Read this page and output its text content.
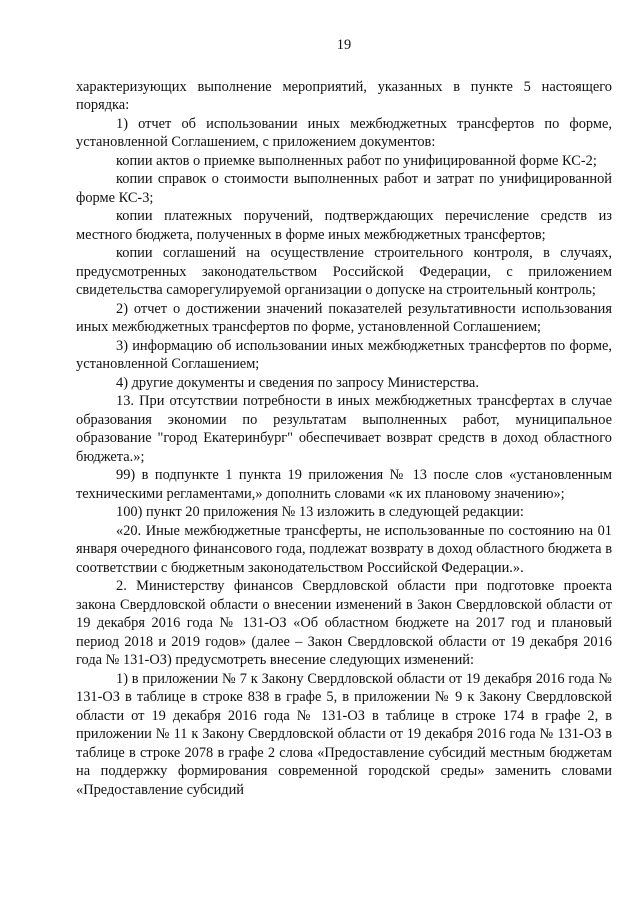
19

характеризующих выполнение мероприятий, указанных в пункте 5 настоящего порядка:

1) отчет об использовании иных межбюджетных трансфертов по форме, установленной Соглашением, с приложением документов:

копии актов о приемке выполненных работ по унифицированной форме КС-2;

копии справок о стоимости выполненных работ и затрат по унифицированной форме КС-3;

копии платежных поручений, подтверждающих перечисление средств из местного бюджета, полученных в форме иных межбюджетных трансфертов;

копии соглашений на осуществление строительного контроля, в случаях, предусмотренных законодательством Российской Федерации, с приложением свидетельства саморегулируемой организации о допуске на строительный контроль;

2) отчет о достижении значений показателей результативности использования иных межбюджетных трансфертов по форме, установленной Соглашением;

3) информацию об использовании иных межбюджетных трансфертов по форме, установленной Соглашением;

4) другие документы и сведения по запросу Министерства.

13. При отсутствии потребности в иных межбюджетных трансфертах в случае образования экономии по результатам выполненных работ, муниципальное образование "город Екатеринбург" обеспечивает возврат средств в доход областного бюджета.»;

99) в подпункте 1 пункта 19 приложения № 13 после слов «установленным техническими регламентами,» дополнить словами «к их плановому значению»;

100) пункт 20 приложения № 13 изложить в следующей редакции:

«20. Иные межбюджетные трансферты, не использованные по состоянию на 01 января очередного финансового года, подлежат возврату в доход областного бюджета в соответствии с бюджетным законодательством Российской Федерации.».

2. Министерству финансов Свердловской области при подготовке проекта закона Свердловской области о внесении изменений в Закон Свердловской области от 19 декабря 2016 года № 131-ОЗ «Об областном бюджете на 2017 год и плановый период 2018 и 2019 годов» (далее – Закон Свердловской области от 19 декабря 2016 года № 131-ОЗ) предусмотреть внесение следующих изменений:

1) в приложении № 7 к Закону Свердловской области от 19 декабря 2016 года № 131-ОЗ в таблице в строке 838 в графе 5, в приложении № 9 к Закону Свердловской области от 19 декабря 2016 года № 131-ОЗ в таблице в строке 174 в графе 2, в приложении № 11 к Закону Свердловской области от 19 декабря 2016 года № 131-ОЗ в таблице в строке 2078 в графе 2 слова «Предоставление субсидий местным бюджетам на поддержку формирования современной городской среды» заменить словами «Предоставление субсидий
